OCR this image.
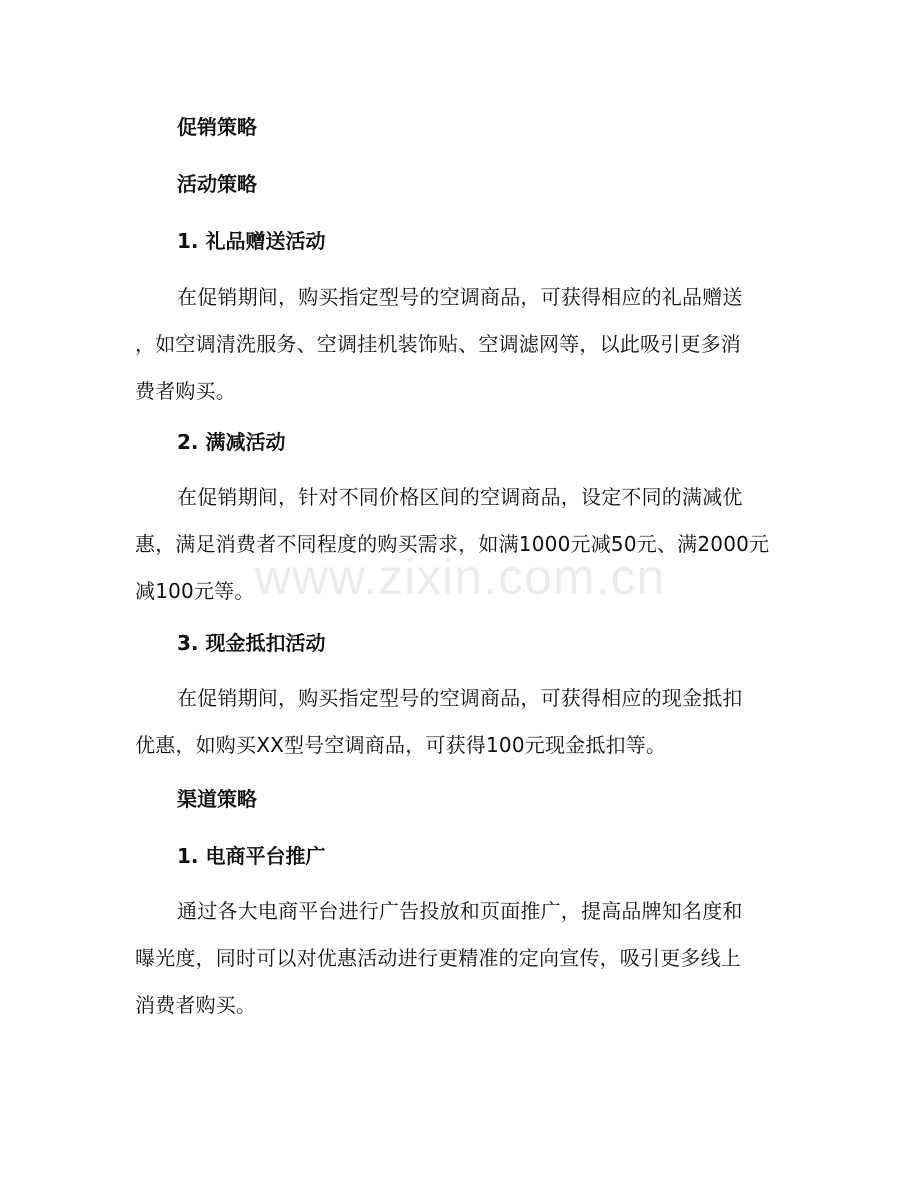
www.zixin.com.cn
促销策略
活动策略
1. 礼品赠送活动
在促销期间，购买指定型号的空调商品，可获得相应的礼品赠送
，如空调清洗服务、空调挂机装饰贴、空调滤网等，以此吸引更多消
费者购买。
2. 满减活动
在促销期间，针对不同价格区间的空调商品，设定不同的满减优
惠，满足消费者不同程度的购买需求，如满1000元减50元、满2000元
减100元等。
3. 现金抵扣活动
在促销期间，购买指定型号的空调商品，可获得相应的现金抵扣
优惠，如购买XX型号空调商品，可获得100元现金抵扣等。
渠道策略
1. 电商平台推广
通过各大电商平台进行广告投放和页面推广，提高品牌知名度和
曝光度，同时可以对优惠活动进行更精准的定向宣传，吸引更多线上
消费者购买。
